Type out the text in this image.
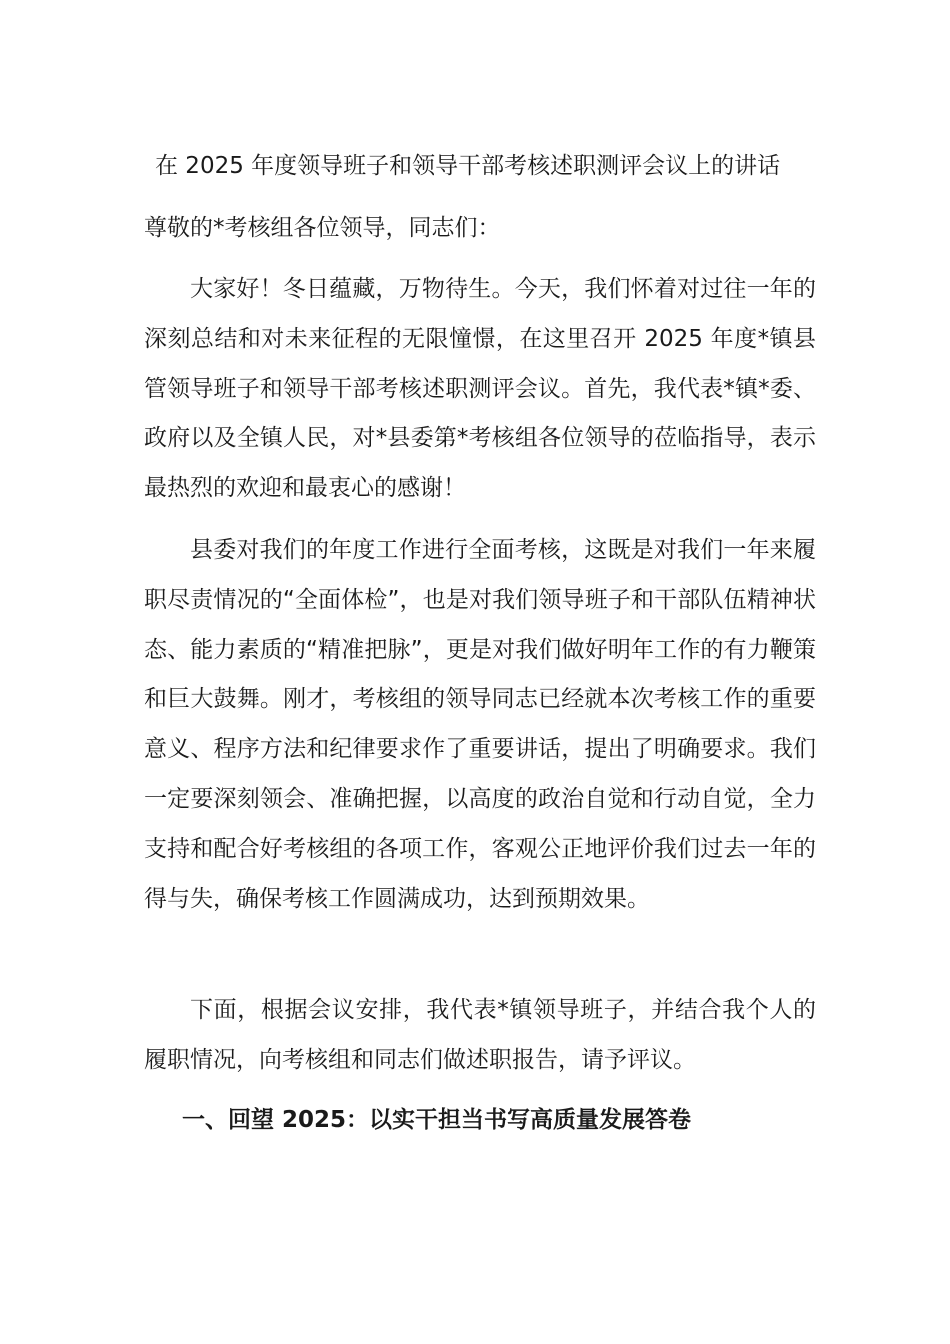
在 2025 年度领导班子和领导干部考核述职测评会议上的讲话
尊敬的*考核组各位领导，同志们：

大家好！冬日蕴藏，万物待生。今天，我们怀着对过往一年的深刻总结和对未来征程的无限憧憬，在这里召开 2025 年度*镇县管领导班子和领导干部考核述职测评会议。首先，我代表*镇*委、政府以及全镇人民，对*县委第*考核组各位领导的莅临指导，表示最热烈的欢迎和最衷心的感谢！

县委对我们的年度工作进行全面考核，这既是对我们一年来履职尽责情况的“全面体检”，也是对我们领导班子和干部队伍精神状态、能力素质的“精准把脉”，更是对我们做好明年工作的有力鞭策和巨大鼓舞。刚才，考核组的领导同志已经就本次考核工作的重要意义、程序方法和纪律要求作了重要讲话，提出了明确要求。我们一定要深刻领会、准确把握，以高度的政治自觉和行动自觉，全力支持和配合好考核组的各项工作，客观公正地评价我们过去一年的得与失，确保考核工作圆满成功，达到预期效果。

下面，根据会议安排，我代表*镇领导班子，并结合我个人的履职情况，向考核组和同志们做述职报告，请予评议。

一、回望 2025：以实干担当书写高质量发展答卷
